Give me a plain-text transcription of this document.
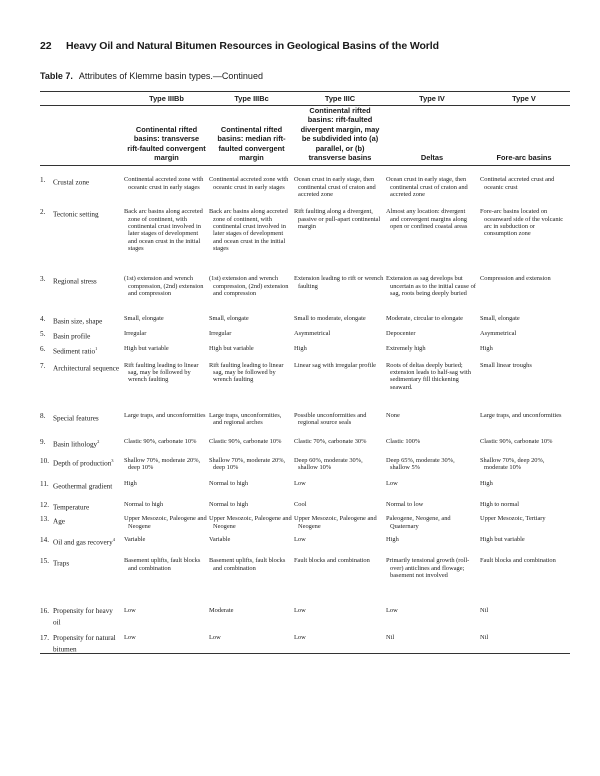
22 Heavy Oil and Natural Bitumen Resources in Geological Basins of the World
Table 7. Attributes of Klemme basin types.—Continued
	Type IIIBb	Type IIIBc	Type IIIC	Type IV	Type V
	Continental rifted basins: transverse rift-faulted convergent margin	Continental rifted basins: median rift-faulted convergent margin	Continental rifted basins: rift-faulted divergent margin, may be subdivided into (a) parallel, or (b) transverse basins	Deltas	Fore-arc basins
1. Crustal zone	Continental accreted zone with oceanic crust in early stages	Continental accreted zone with oceanic crust in early stages	Ocean crust in early stage, then continental crust of craton and accreted zone	Ocean crust in early stage, then continental crust of craton and accreted zone	Continetal accreted crust and oceanic crust

2. Tectonic setting	Back arc basins along accreted zone of continent, with continental crust involved in later stages of development and ocean crust in the initial stages	Back arc basins along accreted zone of continent, with continental crust involved in later stages of development and ocean crust in the initial stages	Rift faulting along a divergent, passive or pull-apart continental margin	Almost any location: divergent and convergent margins along open or confined coastal areas	Fore-arc basins located on oceanward side of the volcanic arc in subduction or consumption zone

3. Regional stress	(1st) extension and wrench compression, (2nd) extension and compression	(1st) extension and wrench compression, (2nd) extension and compression	Extension leading to rift or wrench faulting	Extension as sag develops but uncertain as to the initial cause of sag, roots being deeply buried	Compression and extension

4. Basin size, shape	Small, elongate	Small, elongate	Small to moderate, elongate	Moderate, circular to elongate	Small, elongate

5. Basin profile	Irregular	Irregular	Asymmetrical	Depocenter	Asymmetrical

6. Sediment ratio$^1$	High but variable	High but variable	High	Extremely high	High

7. Architectural sequence	Rift faulting leading to linear sag, may be followed by wrench faulting	Rift faulting leading to linear sag, may be followed by wrench faulting	Linear sag with irregular profile	Roots of deltas deeply buried; extension leads to half-sag with sedimentary fill thickening seaward.	Small linear troughs

8. Special features	Large traps, and unconformities	Large traps, unconformities, and regional arches	Possible unconformities and regional source seals	None	Large traps, and unconformities

9. Basin lithology$^2$	Clastic 90%, carbonate 10%	Clastic 90%, carbonate 10%	Clastic 70%, carbonate 30%	Clastic 100%	Clastic 90%, carbonate 10%

10. Depth of production$^3$	Shallow 70%, moderate 20%, deep 10%	Shallow 70%, moderate 20%, deep 10%	Deep 60%, moderate 30%, shallow 10%	Deep 65%, moderate 30%, shallow 5%	Shallow 70%, deep 20%, moderate 10%

11. Geothermal gradient	High	Normal to high	Low	Low	High

12. Temperature	Normal to high	Normal to high	Cool	Normal to low	High to normal

13. Age	Upper Mesozoic, Paleogene and Neogene	Upper Mesozoic, Paleogene and Neogene	Upper Mesozoic, Paleogene and Neogene	Paleogene, Neogene, and Quaternary	Upper Mesozoic, Tertiary

14. Oil and gas recovery$^4$	Variable	Variable	Low	High	High but variable

15. Traps	Basement uplifts, fault blocks and combination	Basement uplifts, fault blocks and combination	Fault blocks and combination	Primarily tensional growth (roll-over) anticlines and flowage; basement not involved	Fault blocks and combination

16. Propensity for heavy oil	Low	Moderate	Low	Low	Nil

17. Propensity for natural bitumen	Low	Low	Low	Nil	Nil
